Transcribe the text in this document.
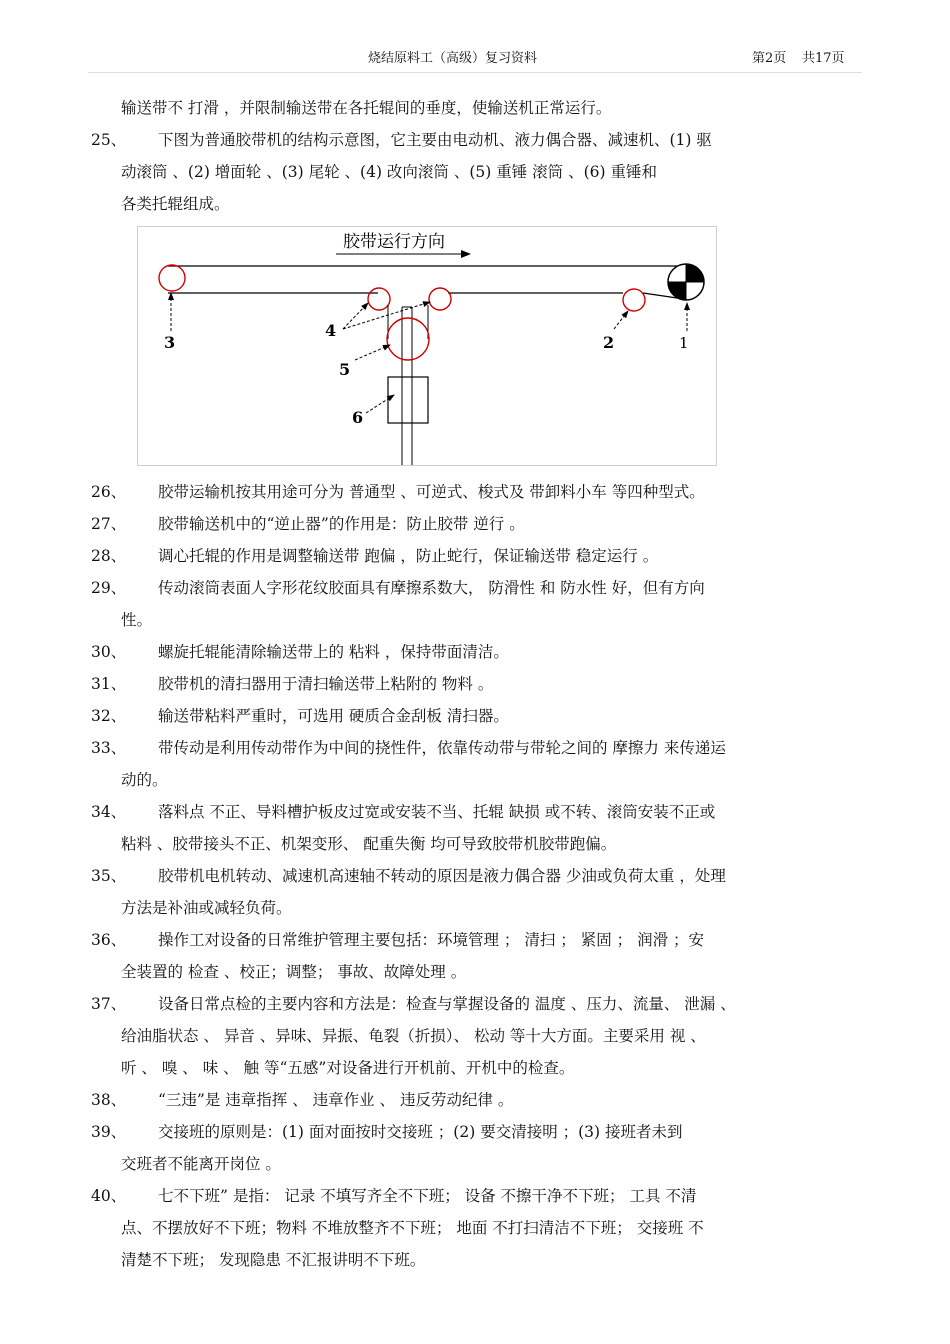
烧结原料工（高级）复习资料	第2页 共17页
输送带不 打滑 ，并限制输送带在各托辊间的垂度，使输送机正常运行。
25、 下图为普通胶带机的结构示意图，它主要由电动机、液力偶合器、减速机、(1) 驱
动滚筒 、(2) 增面轮 、(3) 尾轮 、(4) 改向滚筒 、(5) 重锤 滚筒 、(6) 重锤和
各类托辊组成。
胶带运行方向
1
2
3
4
5
6
26、 胶带运输机按其用途可分为 普通型 、可逆式、梭式及 带卸料小车 等四种型式。
27、 胶带输送机中的“逆止器”的作用是：防止胶带 逆行 。
28、 调心托辊的作用是调整输送带 跑偏 ，防止蛇行，保证输送带 稳定运行 。
29、 传动滚筒表面人字形花纹胶面具有摩擦系数大， 防滑性 和 防水性 好，但有方向
性。
30、 螺旋托辊能清除输送带上的 粘料 ，保持带面清洁。
31、 胶带机的清扫器用于清扫输送带上粘附的 物料 。
32、 输送带粘料严重时，可选用 硬质合金刮板 清扫器。
33、 带传动是利用传动带作为中间的挠性件，依靠传动带与带轮之间的 摩擦力 来传递运
动的。
34、 落料点 不正、导料槽护板皮过宽或安装不当、托辊 缺损 或不转、滚筒安装不正或
粘料 、胶带接头不正、机架变形、 配重失衡 均可导致胶带机胶带跑偏。
35、 胶带机电机转动、减速机高速轴不转动的原因是液力偶合器 少油或负荷太重 ，处理
方法是补油或减轻负荷。
36、 操作工对设备的日常维护管理主要包括：环境管理 ； 清扫 ； 紧固 ； 润滑 ；安
全装置的 检查 、校正；调整； 事故、故障处理 。
37、 设备日常点检的主要内容和方法是：检查与掌握设备的 温度 、压力、流量、 泄漏 、
给油脂状态 、 异音 、异味、异振、龟裂（折损）、 松动 等十大方面。主要采用 视 、
听 、 嗅 、 味 、 触 等“五感”对设备进行开机前、开机中的检查。
38、 “三违”是 违章指挥 、 违章作业 、 违反劳动纪律 。
39、 交接班的原则是：(1) 面对面按时交接班 ；(2) 要交清接明 ；(3) 接班者未到
交班者不能离开岗位 。
40、 七不下班” 是指： 记录 不填写齐全不下班； 设备 不擦干净不下班； 工具 不清
点、不摆放好不下班；物料 不堆放整齐不下班； 地面 不打扫清洁不下班； 交接班 不
清楚不下班； 发现隐患 不汇报讲明不下班。
